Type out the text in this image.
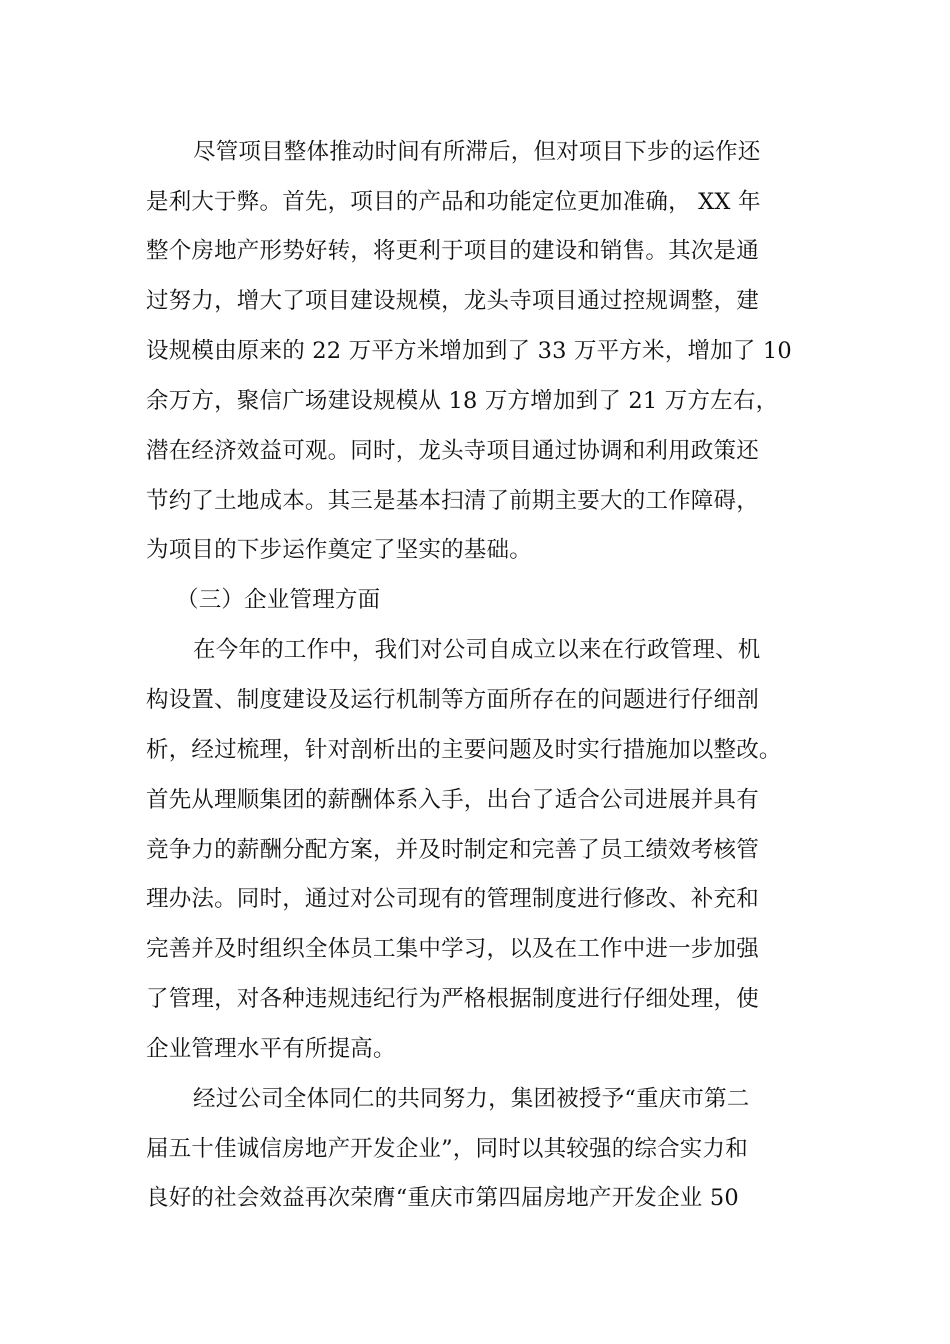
尽管项目整体推动时间有所滞后，但对项目下步的运作还
是利大于弊。首先，项目的产品和功能定位更加准确， XX 年
整个房地产形势好转，将更利于项目的建设和销售。其次是通
过努力，增大了项目建设规模，龙头寺项目通过控规调整，建
设规模由原来的 22 万平方米增加到了 33 万平方米，增加了 10
余万方，聚信广场建设规模从 18 万方增加到了 21 万方左右，
潜在经济效益可观。同时，龙头寺项目通过协调和利用政策还
节约了土地成本。其三是基本扫清了前期主要大的工作障碍，
为项目的下步运作奠定了坚实的基础。
（三）企业管理方面
在今年的工作中，我们对公司自成立以来在行政管理、机
构设置、制度建设及运行机制等方面所存在的问题进行仔细剖
析，经过梳理，针对剖析出的主要问题及时实行措施加以整改。
首先从理顺集团的薪酬体系入手，出台了适合公司进展并具有
竞争力的薪酬分配方案，并及时制定和完善了员工绩效考核管
理办法。同时，通过对公司现有的管理制度进行修改、补充和
完善并及时组织全体员工集中学习，以及在工作中进一步加强
了管理，对各种违规违纪行为严格根据制度进行仔细处理，使
企业管理水平有所提高。
经过公司全体同仁的共同努力，集团被授予“重庆市第二
届五十佳诚信房地产开发企业”，同时以其较强的综合实力和
良好的社会效益再次荣膺“重庆市第四届房地产开发企业 50
